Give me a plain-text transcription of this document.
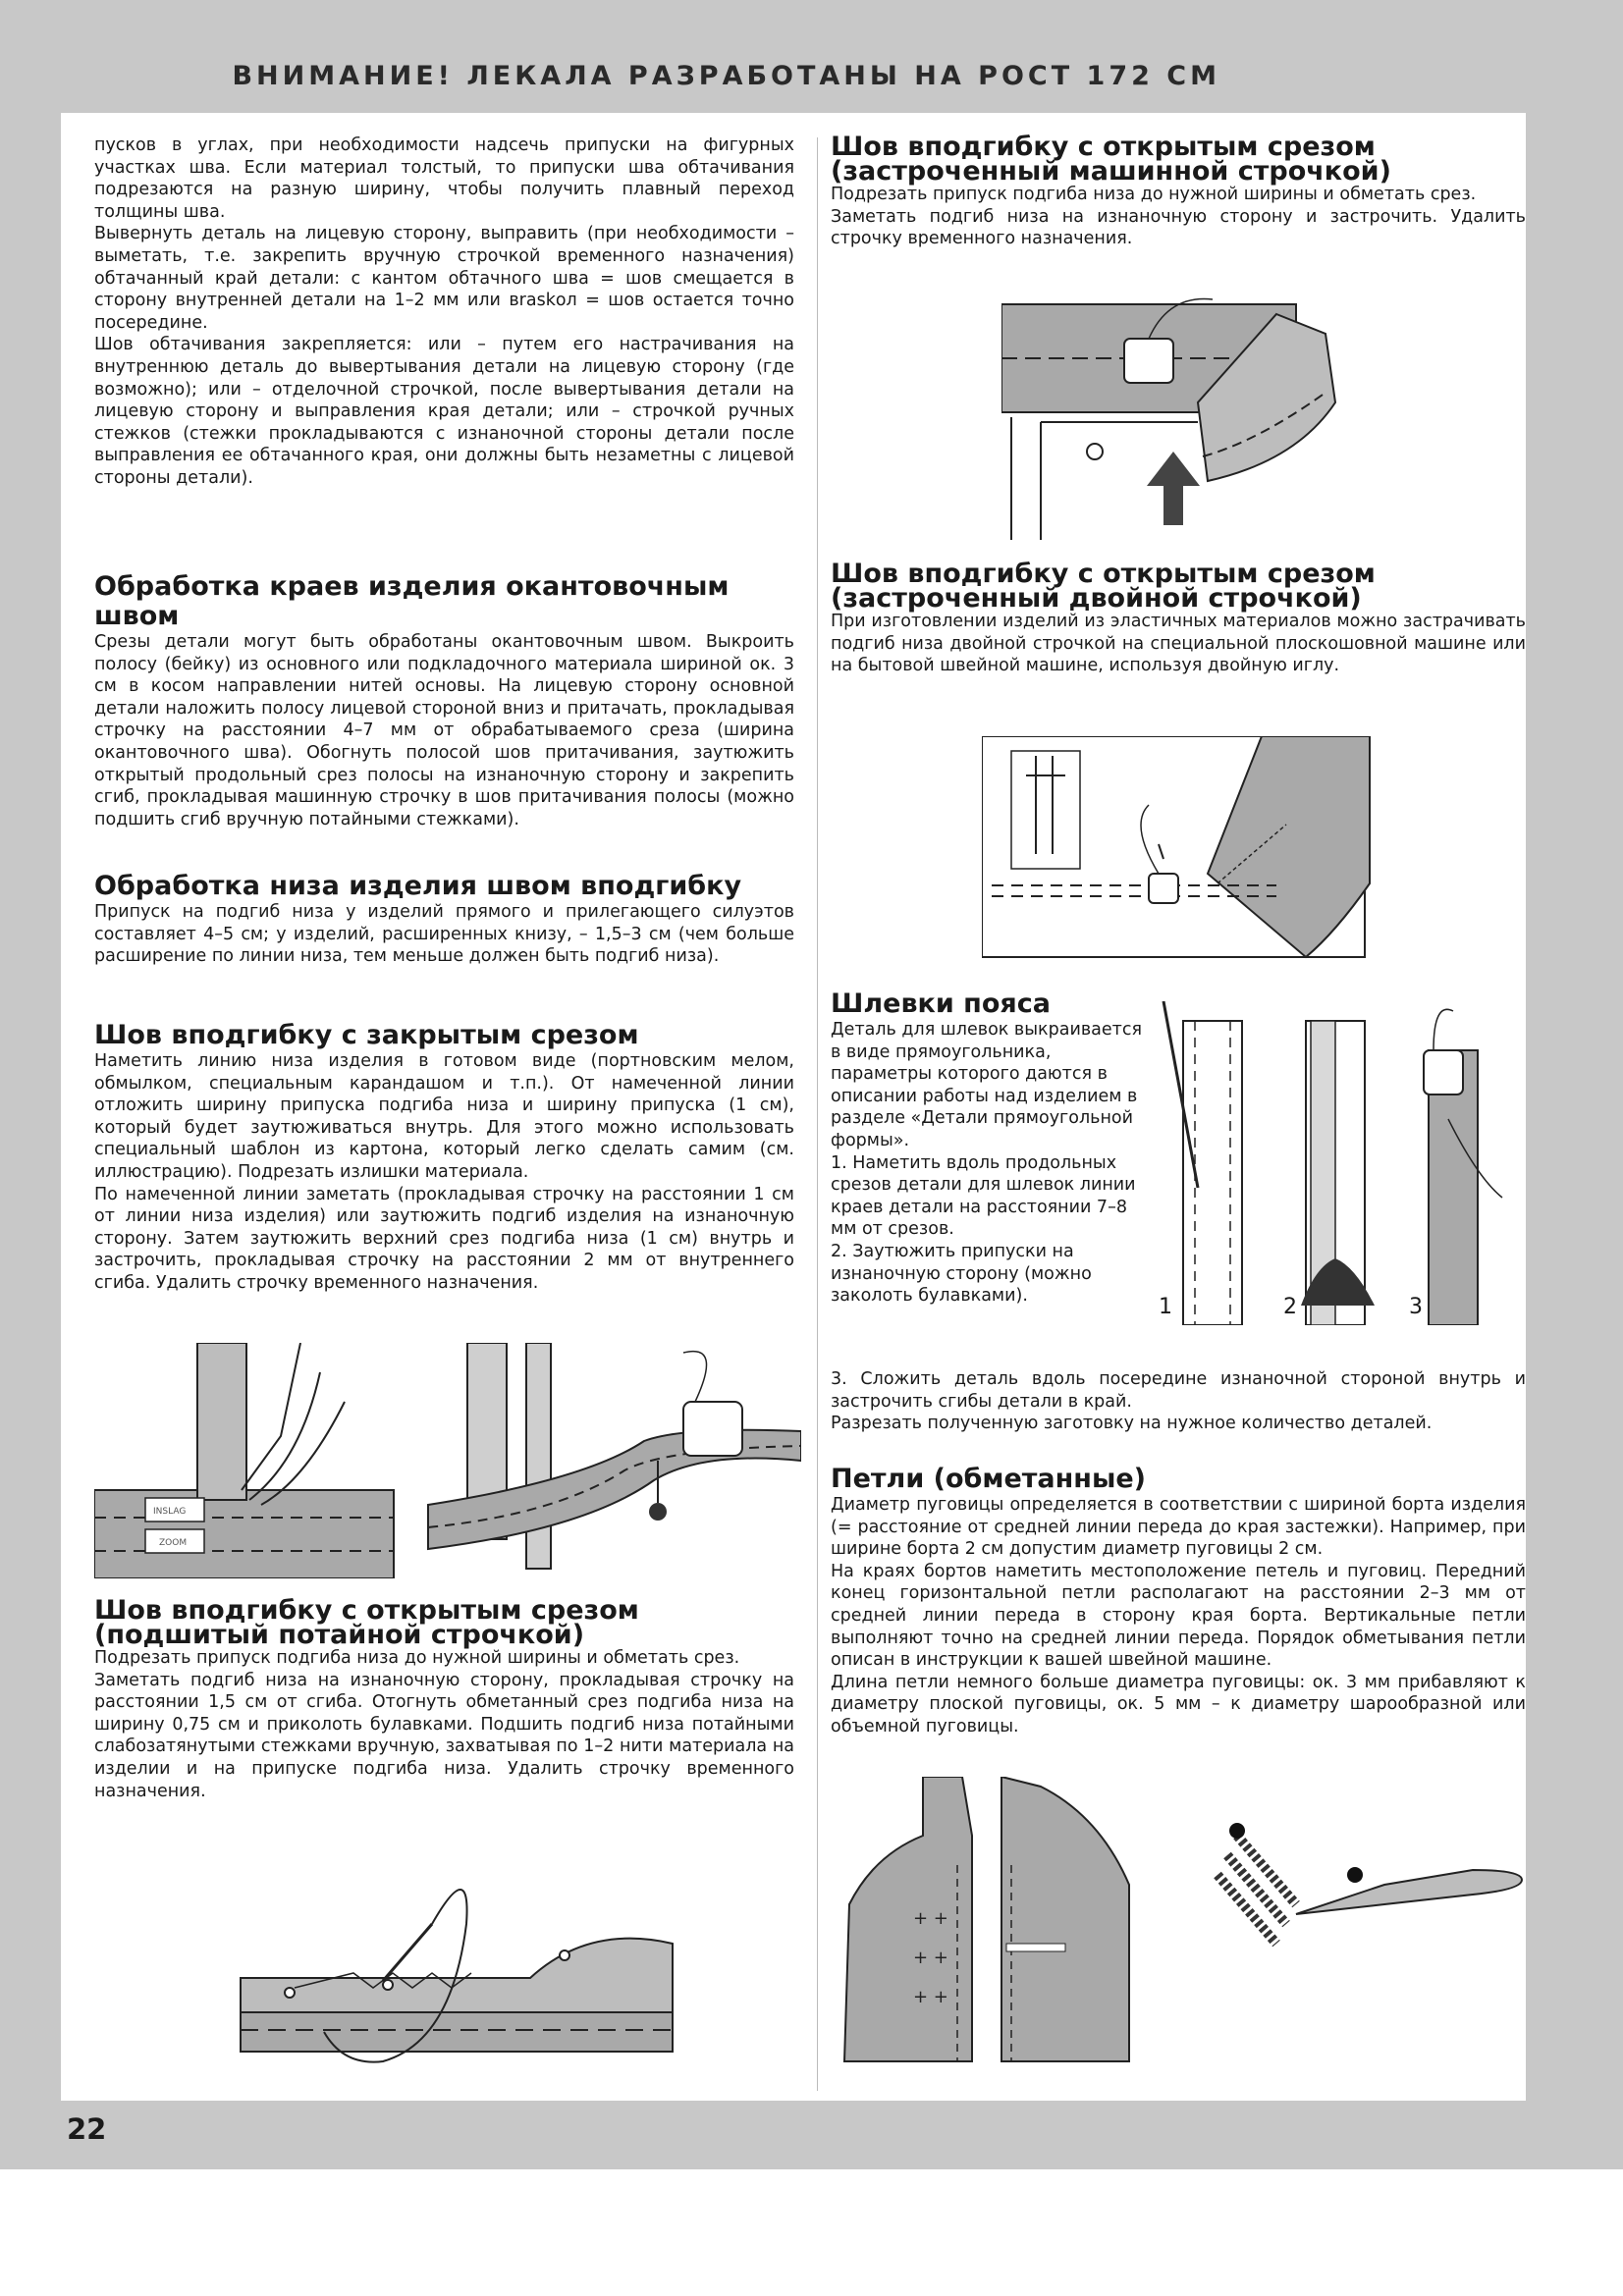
ВНИМАНИЕ! ЛЕКАЛА РАЗРАБОТАНЫ НА РОСТ 172 СМ

пусков в углах, при необходимости надсечь припуски на фигурных участках шва. Если материал толстый, то припуски шва обтачивания подрезаются на разную ширину, чтобы получить плавный переход толщины шва.

Вывернуть деталь на лицевую сторону, выправить (при необходимости – выметать, т.е. закрепить вручную строчкой временного назначения) обтачанный край детали: с кантом обтачного шва = шов смещается в сторону внутренней детали на 1–2 мм или вraskол = шов остается точно посередине.

Шов обтачивания закрепляется: или – путем его настрачивания на внутреннюю деталь до вывертывания детали на лицевую сторону (где возможно); или – отделочной строчкой, после вывертывания детали на лицевую сторону и выправления края детали; или – строчкой ручных стежков (стежки прокладываются с изнаночной стороны детали после выправления ее обтачанного края, они должны быть незаметны с лицевой стороны детали).

Обработка краев изделия окантовочным швом

Срезы детали могут быть обработаны окантовочным швом. Выкроить полосу (бейку) из основного или подкладочного материала шириной ок. 3 см в косом направлении нитей основы. На лицевую сторону основной детали наложить полосу лицевой стороной вниз и притачать, прокладывая строчку на расстоянии 4–7 мм от обрабатываемого среза (ширина окантовочного шва). Обогнуть полосой шов притачивания, заутюжить открытый продольный срез полосы на изнаночную сторону и закрепить сгиб, прокладывая машинную строчку в шов притачивания полосы (можно подшить сгиб вручную потайными стежками).

Обработка низа изделия швом вподгибку

Припуск на подгиб низа у изделий прямого и прилегающего силуэтов составляет 4–5 см; у изделий, расширенных книзу, – 1,5–3 см (чем больше расширение по линии низа, тем меньше должен быть подгиб низа).

Шов вподгибку с закрытым срезом

Наметить линию низа изделия в готовом виде (портновским мелом, обмылком, специальным карандашом и т.п.). От намеченной линии отложить ширину припуска подгиба низа и ширину припуска (1 см), который будет заутюживаться внутрь. Для этого можно использовать специальный шаблон из картона, который легко сделать самим (см. иллюстрацию). Подрезать излишки материала.

По намеченной линии заметать (прокладывая строчку на расстоянии 1 см от линии низа изделия) или заутюжить подгиб изделия на изнаночную сторону. Затем заутюжить верхний срез подгиба низа (1 см) внутрь и застрочить, прокладывая строчку на расстоянии 2 мм от внутреннего сгиба. Удалить строчку временного назначения.

INSLAG
ZOOM
Шов вподгибку с открытым срезом (подшитый потайной строчкой)

Подрезать припуск подгиба низа до нужной ширины и обметать срез.

Заметать подгиб низа на изнаночную сторону, прокладывая строчку на расстоянии 1,5 см от сгиба. Отогнуть обметанный срез подгиба низа на ширину 0,75 см и приколоть булавками. Подшить подгиб низа потайными слабозатянутыми стежками вручную, захватывая по 1–2 нити материала на изделии и на припуске подгиба низа. Удалить строчку временного назначения.

Шов вподгибку с открытым срезом (застроченный машинной строчкой)

Подрезать припуск подгиба низа до нужной ширины и обметать срез.

Заметать подгиб низа на изнаночную сторону и застрочить. Удалить строчку временного назначения.

Шов вподгибку с открытым срезом (застроченный двойной строчкой)

При изготовлении изделий из эластичных материалов можно застрачивать подгиб низа двойной строчкой на специальной плоскошовной машине или на бытовой швейной машине, используя двойную иглу.

Шлевки пояса

Деталь для шлевок выкраивается в виде прямоугольника, параметры которого даются в описании работы над изделием в разделе «Детали прямоугольной формы».

1. Наметить вдоль продольных срезов детали для шлевок линии краев детали на расстоянии 7–8 мм от срезов.

2. Заутюжить припуски на изнаночную сторону (можно заколоть булавками).	1	2	3

3. Сложить деталь вдоль посередине изнаночной стороной внутрь и застрочить сгибы детали в край.

Разрезать полученную заготовку на нужное количество деталей.

Петли (обметанные)

Диаметр пуговицы определяется в соответствии с шириной борта изделия (= расстояние от средней линии переда до края застежки). Например, при ширине борта 2 см допустим диаметр пуговицы 2 см.

На краях бортов наметить местоположение петель и пуговиц. Передний конец горизонтальной петли располагают на расстоянии 2–3 мм от средней линии переда в сторону края борта. Вертикальные петли выполняют точно на средней линии переда. Порядок обметывания петли описан в инструкции к вашей швейной машине.

Длина петли немного больше диаметра пуговицы: ок. 3 мм прибавляют к диаметру плоской пуговицы, ок. 5 мм – к диаметру шарообразной или объемной пуговицы.

+ +
+ +
+ +
22
